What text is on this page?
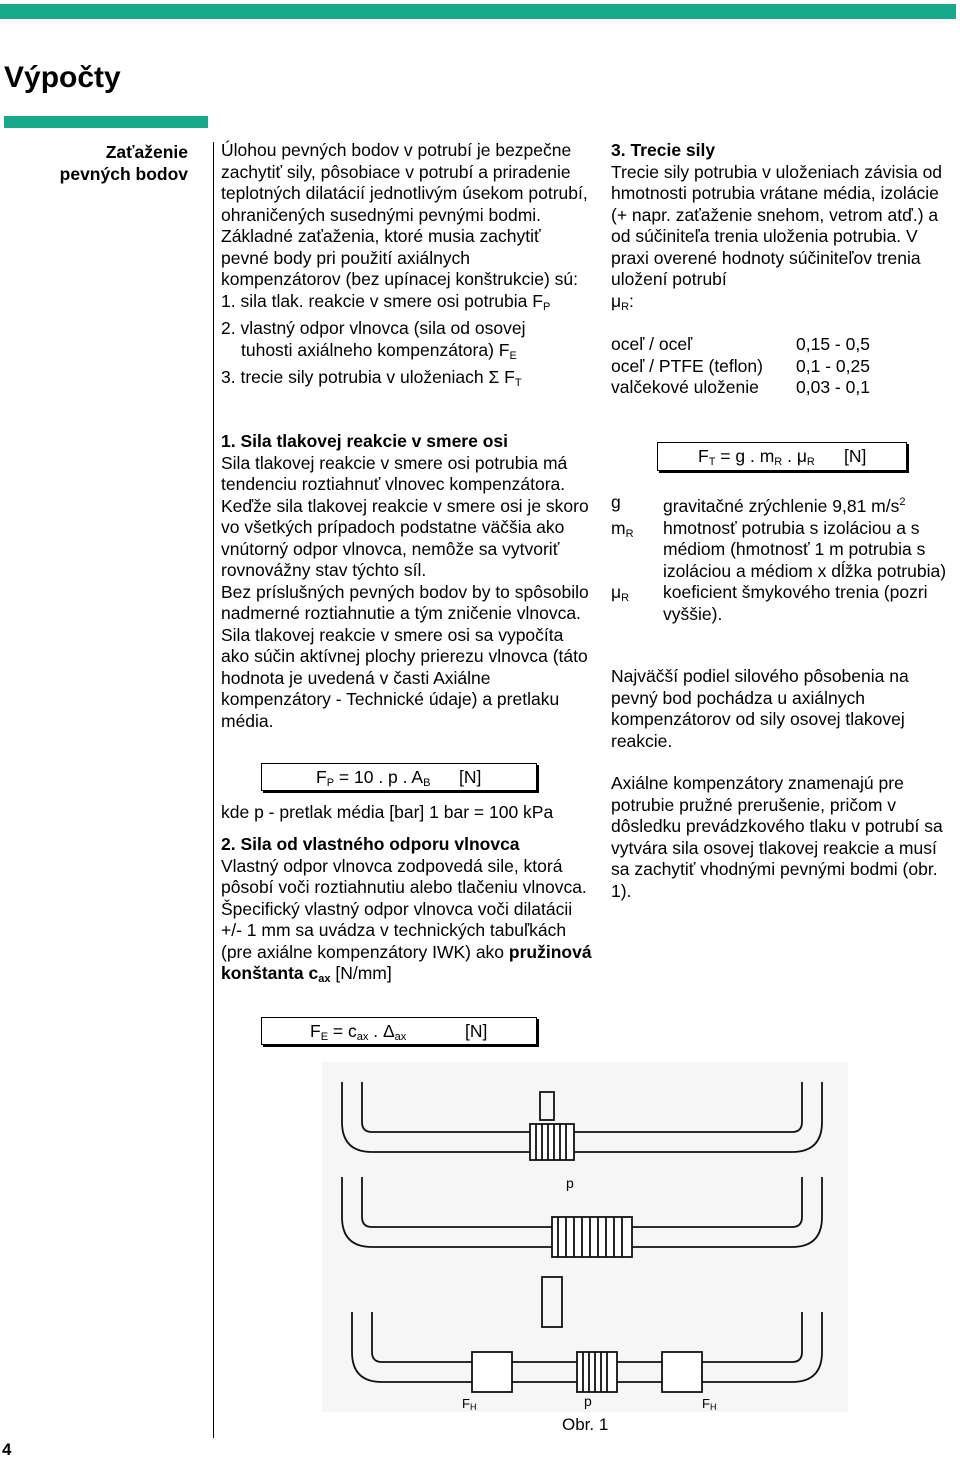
Výpočty
Zaťaženie
pevných bodov

Úlohou pevných bodov v potrubí je bezpečne zachytiť sily, pôsobiace v potrubí a priradenie teplotných dilatácií jednotlivým úsekom potrubí, ohraničených susednými pevnými bodmi.

Základné zaťaženia, ktoré musia zachytiť pevné body pri použití axiálnych kompenzátorov (bez upínacej konštrukcie) sú:

1. sila tlak. reakcie v smere osi potrubia $F_P$

2. vlastný odpor vlnovca (sila od osovej

tuhosti axiálneho kompenzátora) $F_E$

3. trecie sily potrubia v uloženiach Σ $F_T$

1. Sila tlakovej reakcie v smere osi

Sila tlakovej reakcie v smere osi potrubia má tendenciu roztiahnuť vlnovec kompenzátora. Keďže sila tlakovej reakcie v smere osi je skoro vo všetkých prípadoch podstatne väčšia ako vnútorný odpor vlnovca, nemôže sa vytvoriť rovnovážny stav týchto síl.

Bez príslušných pevných bodov by to spôsobilo nadmerné roztiahnutie a tým zničenie vlnovca. Sila tlakovej reakcie v smere osi sa vypočíta ako súčin aktívnej plochy prierezu vlnovca (táto hodnota je uvedená v časti Axiálne kompenzátory - Technické údaje) a pretlaku média.

$F_P = 10$ . p . $A_B$ [N]
kde p - pretlak média [bar] 1 bar = 100 kPa

2. Sila od vlastného odporu vlnovca

Vlastný odpor vlnovca zodpovedá sile, ktorá pôsobí voči roztiahnutiu alebo tlačeniu vlnovca. Špecifický vlastný odpor vlnovca voči dilatácii +/- 1 mm sa uvádza v technických tabuľkách (pre axiálne kompenzátory IWK) ako pružinová konštanta $c_{ax}$ [N/mm]

$F_E = c_{ax}$ . $\Delta_{ax}$	[N]

3. Trecie sily

Trecie sily potrubia v uloženiach závisia od hmotnosti potrubia vrátane média, izolácie (+ napr. zaťaženie snehom, vetrom atď.) a od súčiniteľa trenia uloženia potrubia. V praxi overené hodnoty súčiniteľov trenia uložení potrubí

$\mu_R$:

oceľ / oceľ	0,15 - 0,5
oceľ / PTFE (teflon)	0,1 - 0,25
valčekové uloženie	0,03 - 0,1
$F_T = g$ . $m_R$ . $\mu_R$ [N]
g	gravitačné zrýchlenie 9,81 $m/s^2$
$m_R$	hmotnosť potrubia s izoláciou a s médiom (hmotnosť 1 m potrubia s izoláciou a médiom x dĺžka potrubia)
$\mu_R$	koeficient šmykového trenia (pozri vyššie).
Najväčší podiel silového pôsobenia na pevný bod pochádza u axiálnych kompenzátorov od sily osovej tlakovej reakcie.
Axiálne kompenzátory znamenajú pre potrubie pružné prerušenie, pričom v dôsledku prevádzkového tlaku v potrubí sa vytvára sila osovej tlakovej reakcie a musí sa zachytiť vhodnými pevnými bodmi (obr. 1).
p
p
FH	FH
Obr. 1
4
